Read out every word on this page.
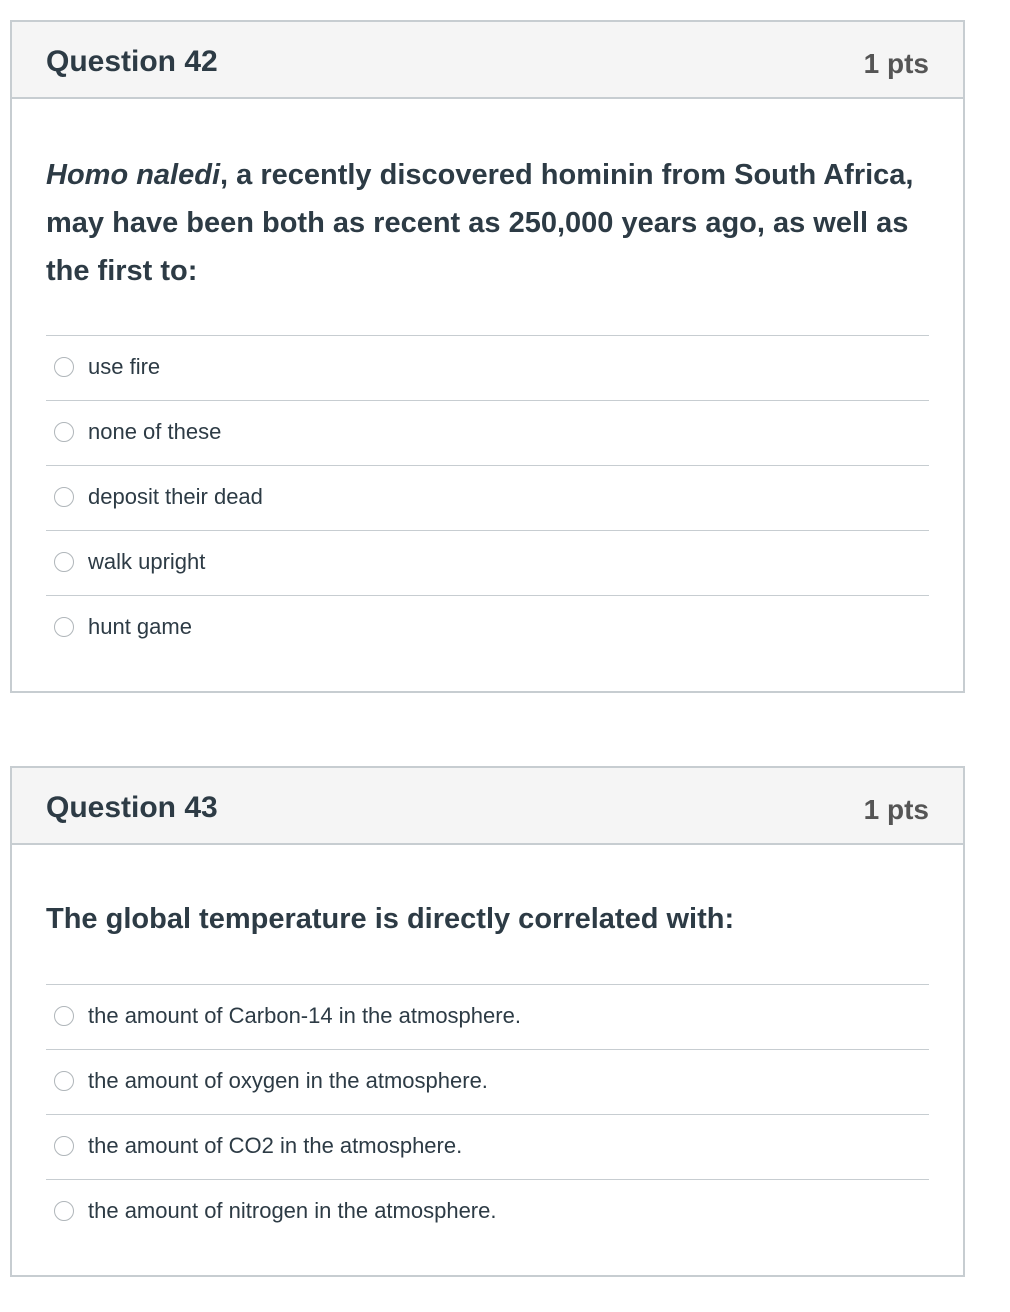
Question 42	1 pts
Homo naledi, a recently discovered hominin from South Africa, may have been both as recent as 250,000 years ago, as well as the first to:
use fire
none of these
deposit their dead
walk upright
hunt game
Question 43	1 pts
The global temperature is directly correlated with:
the amount of Carbon-14 in the atmosphere.
the amount of oxygen in the atmosphere.
the amount of CO2 in the atmosphere.
the amount of nitrogen in the atmosphere.
